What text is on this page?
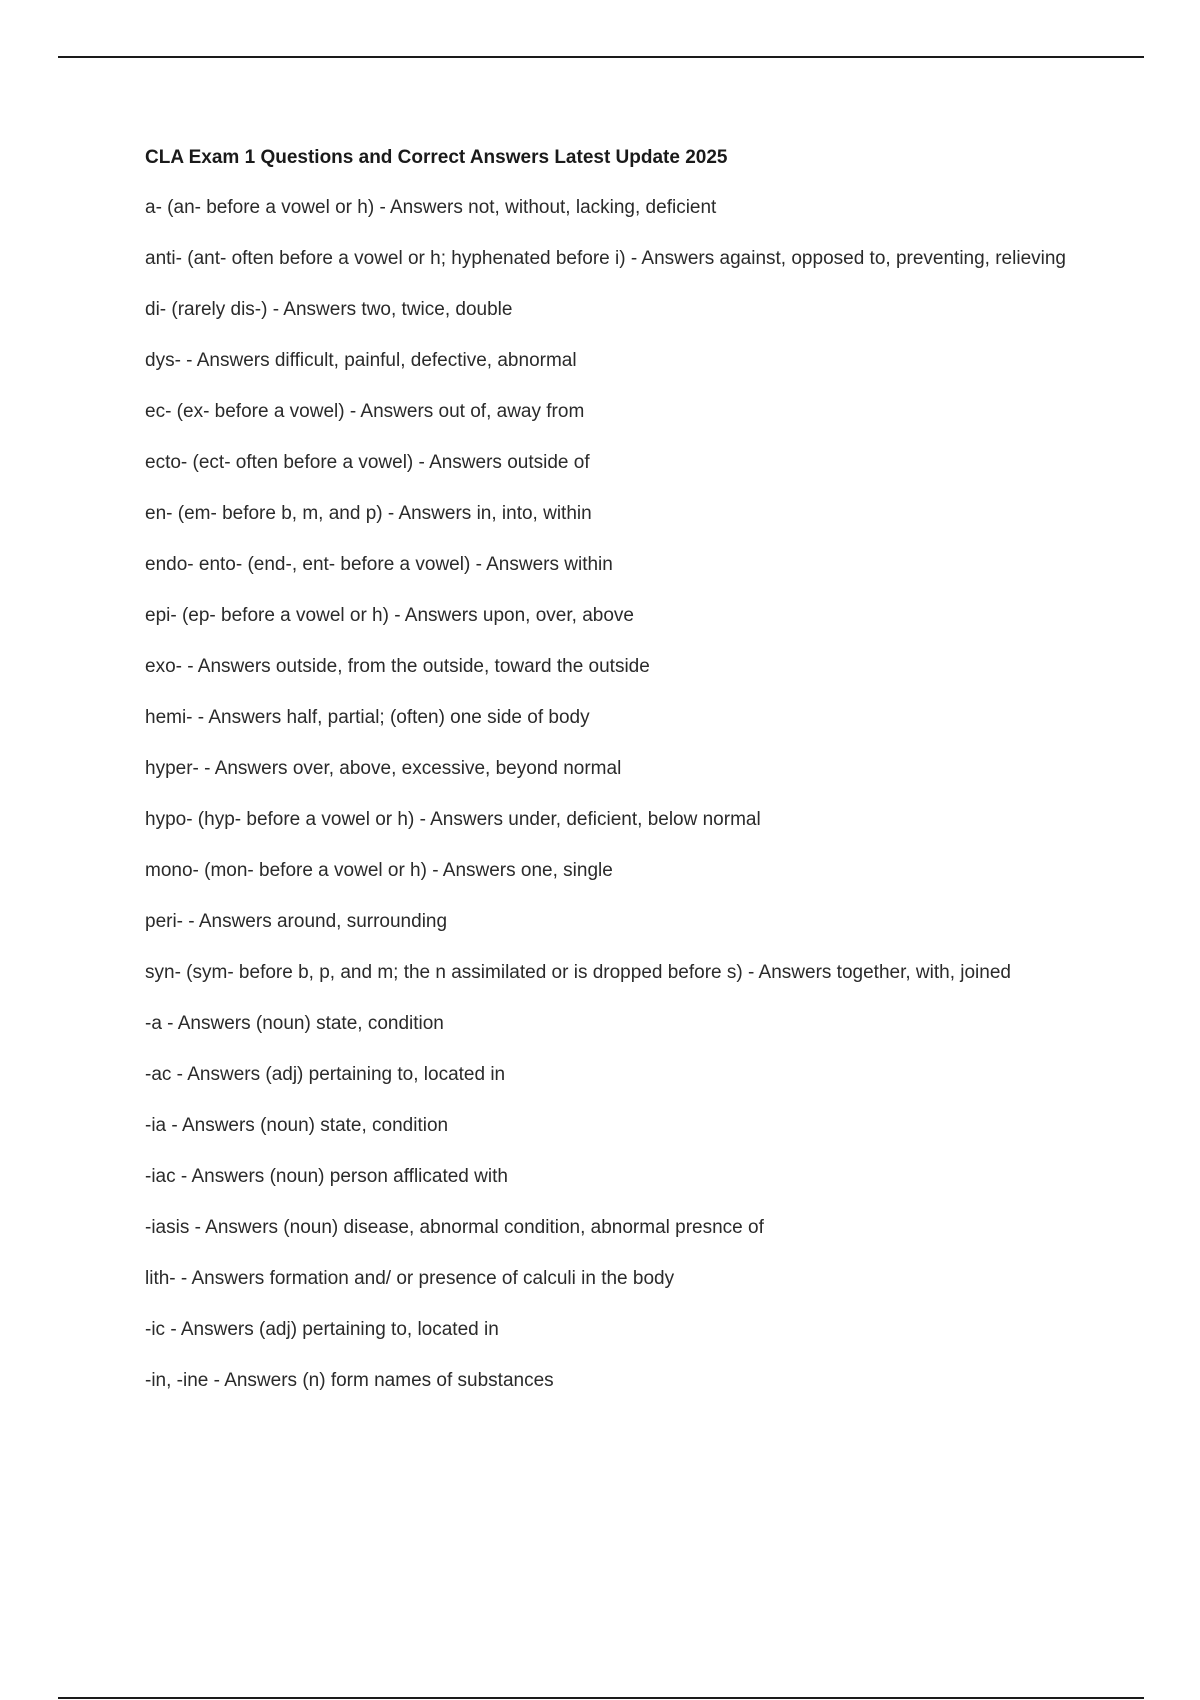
CLA Exam 1 Questions and Correct Answers Latest Update 2025
a- (an- before a vowel or h) - Answers not, without, lacking, deficient
anti- (ant- often before a vowel or h; hyphenated before i) - Answers against, opposed to, preventing, relieving
di- (rarely dis-) - Answers two, twice, double
dys- - Answers difficult, painful, defective, abnormal
ec- (ex- before a vowel) - Answers out of, away from
ecto- (ect- often before a vowel) - Answers outside of
en- (em- before b, m, and p) - Answers in, into, within
endo- ento- (end-, ent- before a vowel) - Answers within
epi- (ep- before a vowel or h) - Answers upon, over, above
exo- - Answers outside, from the outside, toward the outside
hemi- - Answers half, partial; (often) one side of body
hyper- - Answers over, above, excessive, beyond normal
hypo- (hyp- before a vowel or h) - Answers under, deficient, below normal
mono- (mon- before a vowel or h) - Answers one, single
peri- - Answers around, surrounding
syn- (sym- before b, p, and m; the n assimilated or is dropped before s) - Answers together, with, joined
-a - Answers (noun) state, condition
-ac - Answers (adj) pertaining to, located in
-ia - Answers (noun) state, condition
-iac - Answers (noun) person afflicated with
-iasis - Answers (noun) disease, abnormal condition, abnormal presnce of
lith- - Answers formation and/ or presence of calculi in the body
-ic - Answers (adj) pertaining to, located in
-in, -ine - Answers (n) form names of substances
